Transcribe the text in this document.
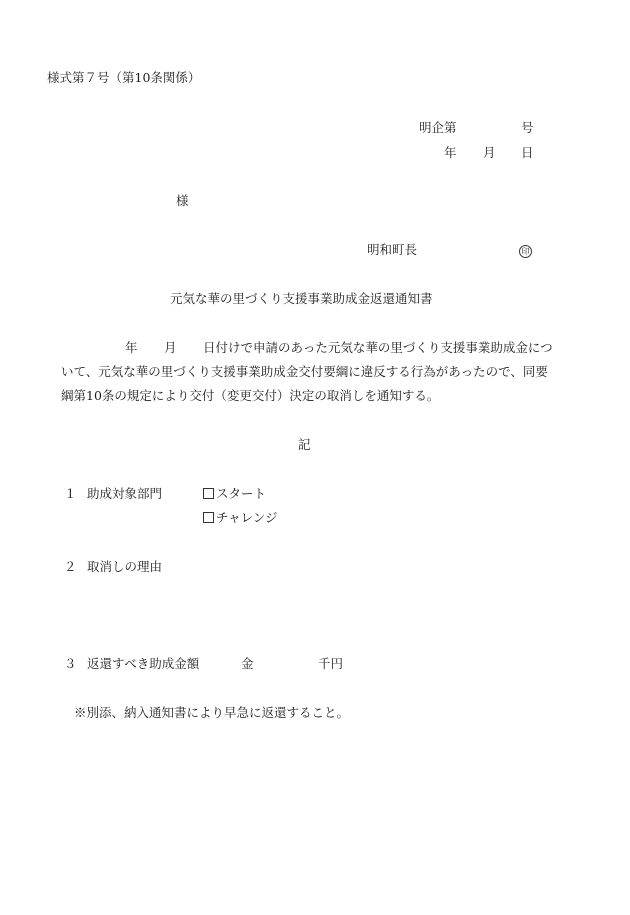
様式第７号（第10条関係）
明企第	号
年 月 日
様
明和町長	印
元気な華の里づくり支援事業助成金返還通知書
年 月 日付けで申請のあった元気な華の里づくり支援事業助成金につ
いて、元気な華の里づくり支援事業助成金交付要綱に違反する行為があったので、同要
綱第10条の規定により交付（変更交付）決定の取消しを通知する。
記
１ 助成対象部門	スタート
チャレンジ
２ 取消しの理由
３ 返還すべき助成金額	金	千円
※別添、納入通知書により早急に返還すること。
